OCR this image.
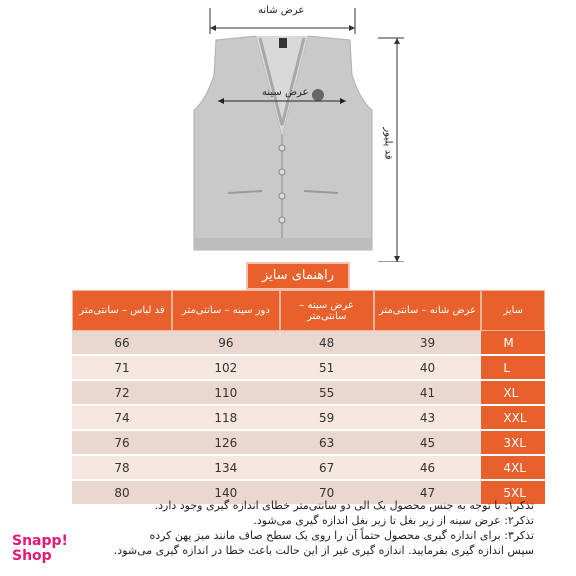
عرض شانه
عرض سینه
قد پلیور
راهنمای سایز
قد لباس – سانتی‌متر	دور سینه – سانتی‌متر	عرض سینه – سانتی‌متر	عرض شانه – سانتی‌متر	سایز
66	96	48	39	M
71	102	51	40	L
72	110	55	41	XL
74	118	59	43	XXL
76	126	63	45	3XL
78	134	67	46	4XL
80	140	70	47	5XL
تذکر۱: با توجه به جنس محصول یک الی دو سانتی‌متر خطای اندازه گیری وجود دارد.
تذکر۲: عرض سینه از زیر بغل تا زیر بغل اندازه گیری می‌شود.
تذکر۳: برای اندازه گیری محصول حتماً آن را روی یک سطح صاف مانند میز پهن کرده
سپس اندازه گیری بفرمایید. اندازه گیری غیر از این حالت باعث خطا در اندازه گیری می‌شود.
Snapp!
Shop
